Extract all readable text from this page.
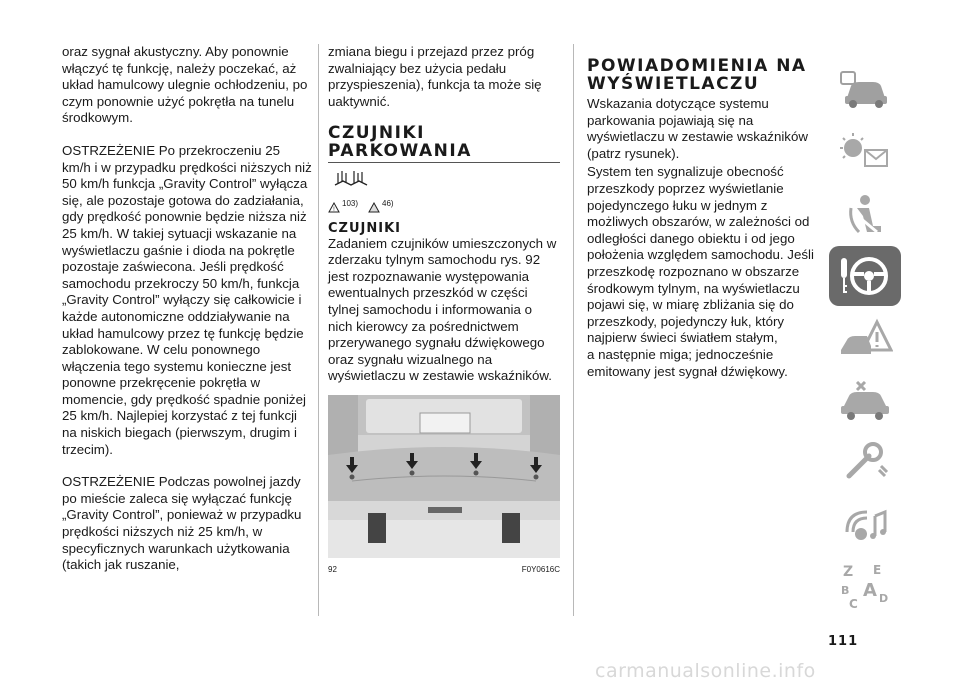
oraz sygnał akustyczny. Aby ponownie włączyć tę funkcję, należy poczekać, aż układ hamulcowy ulegnie ochłodzeniu, po czym ponownie użyć pokrętła na tunelu środkowym.

OSTRZEŻENIE Po przekroczeniu 25 km/h i w przypadku prędkości niższych niż 50 km/h funkcja „Gravity Control” wyłącza się, ale pozostaje gotowa do zadziałania, gdy prędkość ponownie będzie niższa niż 25 km/h. W takiej sytuacji wskazanie na wyświetlaczu gaśnie i dioda na pokrętle pozostaje zaświecona. Jeśli prędkość samochodu przekroczy 50 km/h, funkcja „Gravity Control” wyłączy się całkowicie i każde autonomiczne oddziaływanie na układ hamulcowy przez tę funkcję będzie zablokowane. W celu ponownego włączenia tego systemu konieczne jest ponowne przekręcenie pokrętła w momencie, gdy prędkość spadnie poniżej 25 km/h. Najlepiej korzystać z tej funkcji na niskich biegach (pierwszym, drugim i trzecim).

OSTRZEŻENIE Podczas powolnej jazdy po mieście zaleca się wyłączać funkcję „Gravity Control”, ponieważ w przypadku prędkości niższych niż 25 km/h, w specyficznych warunkach użytkowania (takich jak ruszanie,

zmiana biegu i przejazd przez próg zwalniający bez użycia pedału przyspieszenia), funkcja ta może się uaktywnić.

CZUJNIKI
PARKOWANIA
!
103)	46)
CZUJNIKI

Zadaniem czujników umieszczonych w zderzaku tylnym samochodu rys. 92 jest rozpoznawanie występowania ewentualnych przeszkód w części tylnej samochodu i informowania o nich kierowcy za pośrednictwem przerywanego sygnału dźwiękowego oraz sygnału wizualnego na wyświetlaczu w zestawie wskaźników.

92	F0Y0616C
POWIADOMIENIA NA
WYŚWIETLACZU

Wskazania dotyczące systemu parkowania pojawiają się na wyświetlaczu w zestawie wskaźników (patrz rysunek).

System ten sygnalizuje obecność przeszkody poprzez wyświetlanie pojedynczego łuku w jednym z możliwych obszarów, w zależności od odległości danego obiektu i od jego położenia względem samochodu. Jeśli przeszkodę rozpoznano w obszarze środkowym tylnym, na wyświetlaczu pojawi się, w miarę zbliżania się do przeszkody, pojedynczy łuk, który najpierw świeci światłem stałym,

a następnie miga; jednocześnie emitowany jest sygnał dźwiękowy.

Z E
B A
C D
111
carmanualsonline.info
